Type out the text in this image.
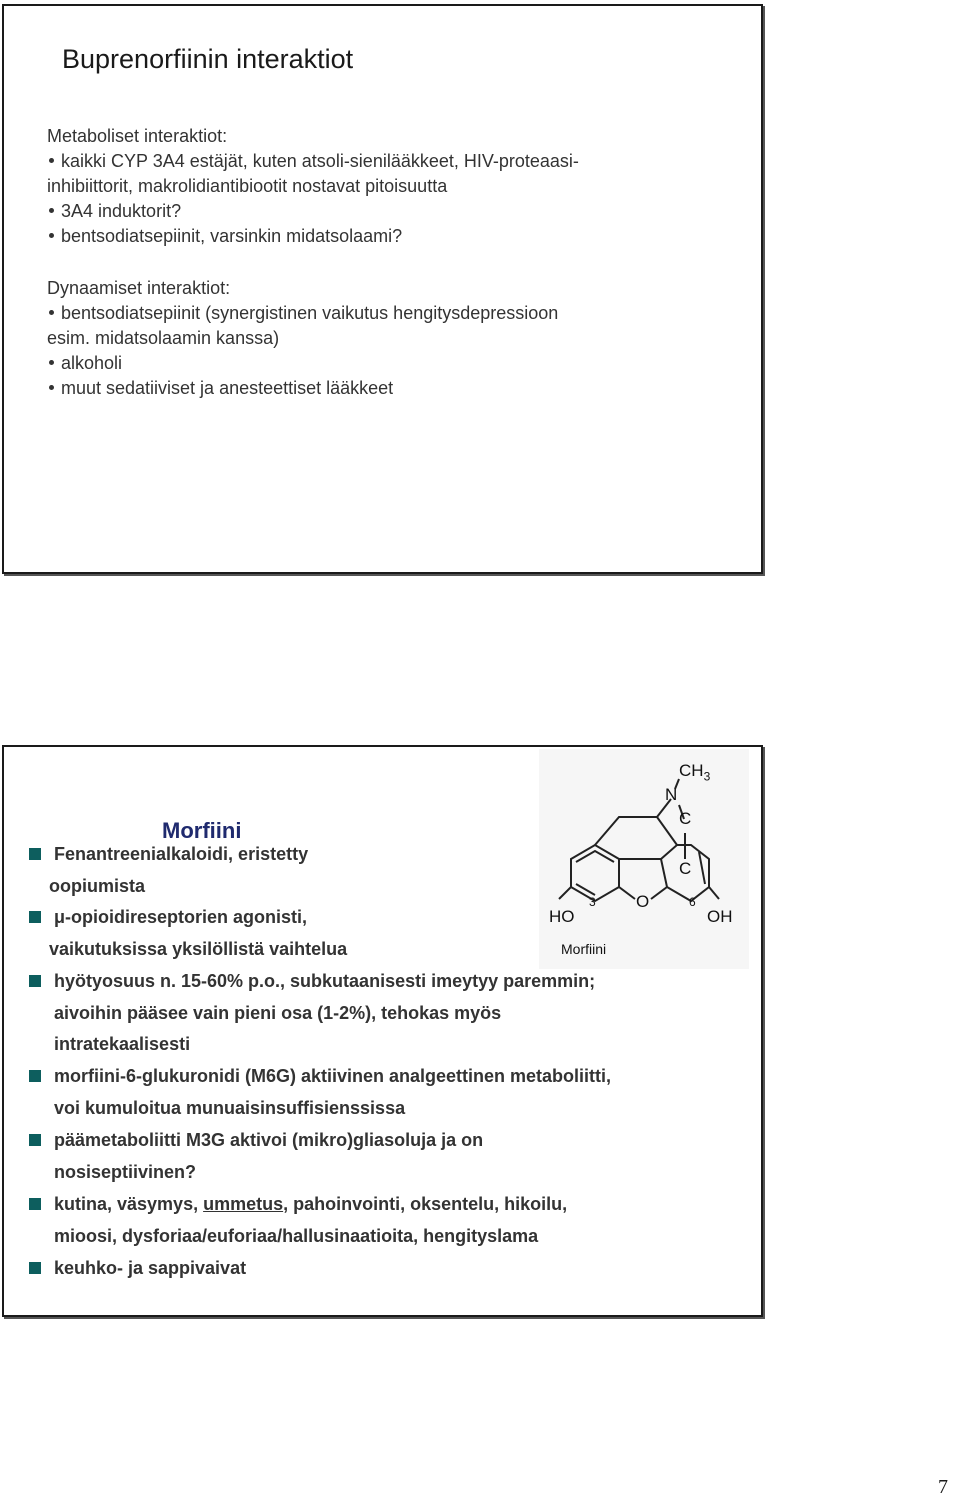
Buprenorfiinin interaktiot
Metaboliset interaktiot:
kaikki CYP 3A4 estäjät, kuten atsoli-sienilääkkeet, HIV-proteaasi-
inhibiittorit, makrolidiantibiootit nostavat pitoisuutta
3A4 induktorit?
bentsodiatsepiinit, varsinkin midatsolaami?
Dynaamiset interaktiot:
bentsodiatsepiinit (synergistinen vaikutus hengitysdepressioon
esim. midatsolaamin kanssa)
alkoholi
muut sedatiiviset ja anesteettiset lääkkeet
$CH_3$
N
C
C
O
3	6
HO	OH
Morfiini
Morfiini
Fenantreenialkaloidi, eristetty
oopiumista
μ-opioidireseptorien agonisti,
vaikutuksissa yksilöllistä vaihtelua
hyötyosuus n. 15-60% p.o., subkutaanisesti imeytyy paremmin;
aivoihin pääsee vain pieni osa (1-2%), tehokas myös
intratekaalisesti
morfiini-6-glukuronidi (M6G) aktiivinen analgeettinen metaboliitti,
voi kumuloitua munuaisinsuffisienssissa
päämetaboliitti M3G aktivoi (mikro)gliasoluja ja on
nosiseptiivinen?
kutina, väsymys, ummetus, pahoinvointi, oksentelu, hikoilu,
mioosi, dysforiaa/euforiaa/hallusinaatioita, hengityslama
keuhko- ja sappivaivat
7
